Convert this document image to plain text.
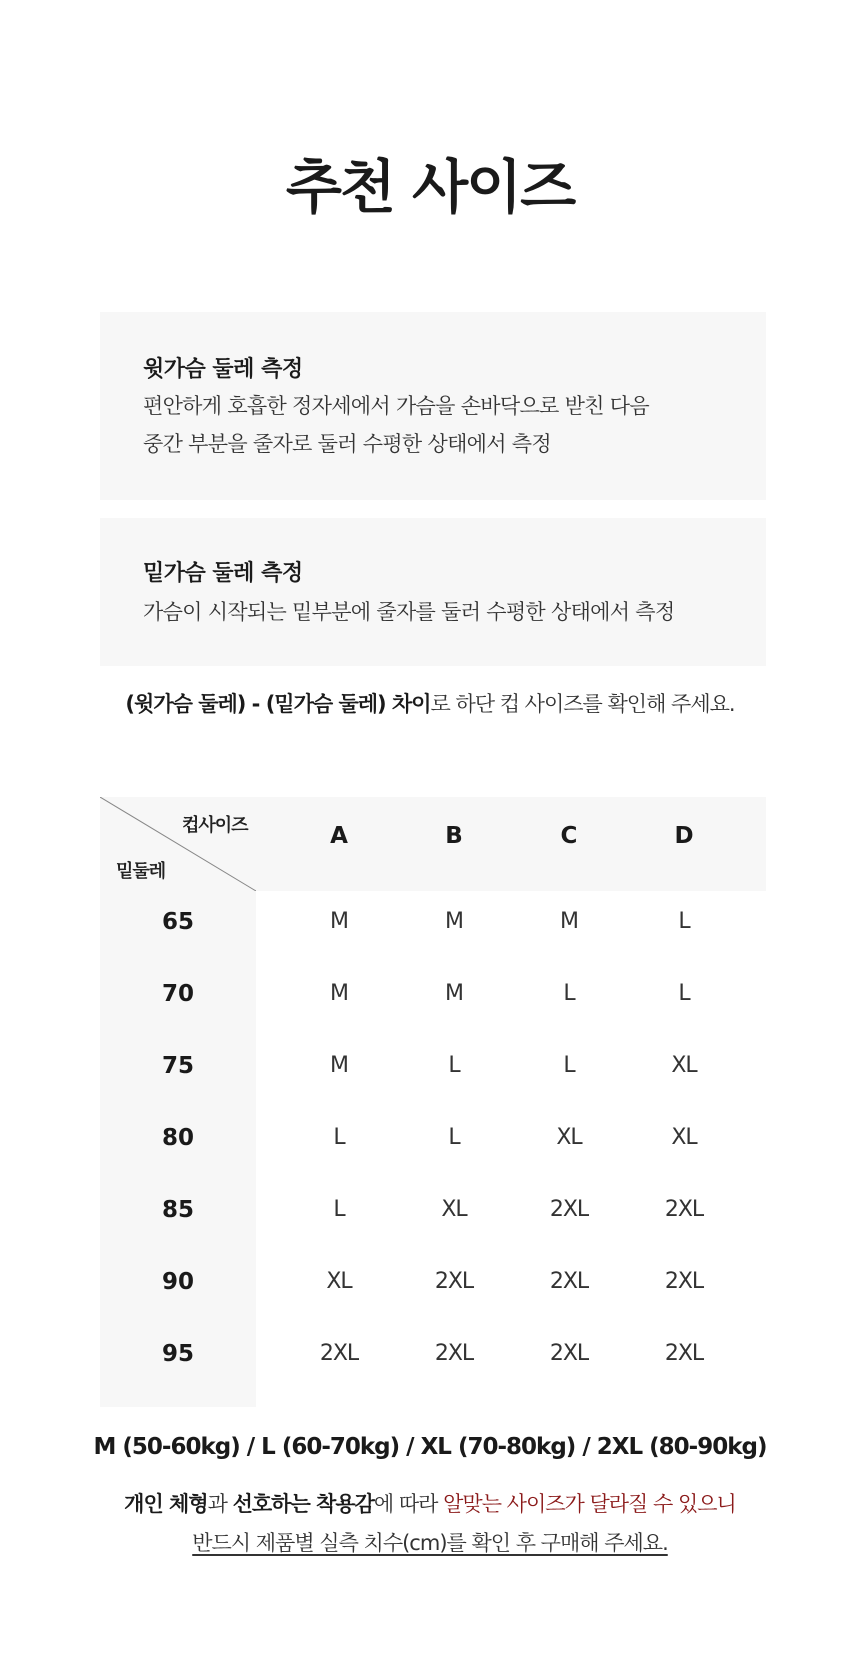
추천 사이즈
윗가슴 둘레 측정
편안하게 호흡한 정자세에서 가슴을 손바닥으로 받친 다음
중간 부분을 줄자로 둘러 수평한 상태에서 측정
밑가슴 둘레 측정
가슴이 시작되는 밑부분에 줄자를 둘러 수평한 상태에서 측정
(윗가슴 둘레) - (밑가슴 둘레) 차이로 하단 컵 사이즈를 확인해 주세요.
컵사이즈
밑둘레
A	B	C	D
65	M	M	M	L
70	M	M	L	L
75	M	L	L	XL
80	L	L	XL	XL
85	L	XL	2XL	2XL
90	XL	2XL	2XL	2XL
95	2XL	2XL	2XL	2XL
M (50-60kg) / L (60-70kg) / XL (70-80kg) / 2XL (80-90kg)
개인 체형과 선호하는 착용감에 따라 알맞는 사이즈가 달라질 수 있으니
반드시 제품별 실측 치수(cm)를 확인 후 구매해 주세요.
